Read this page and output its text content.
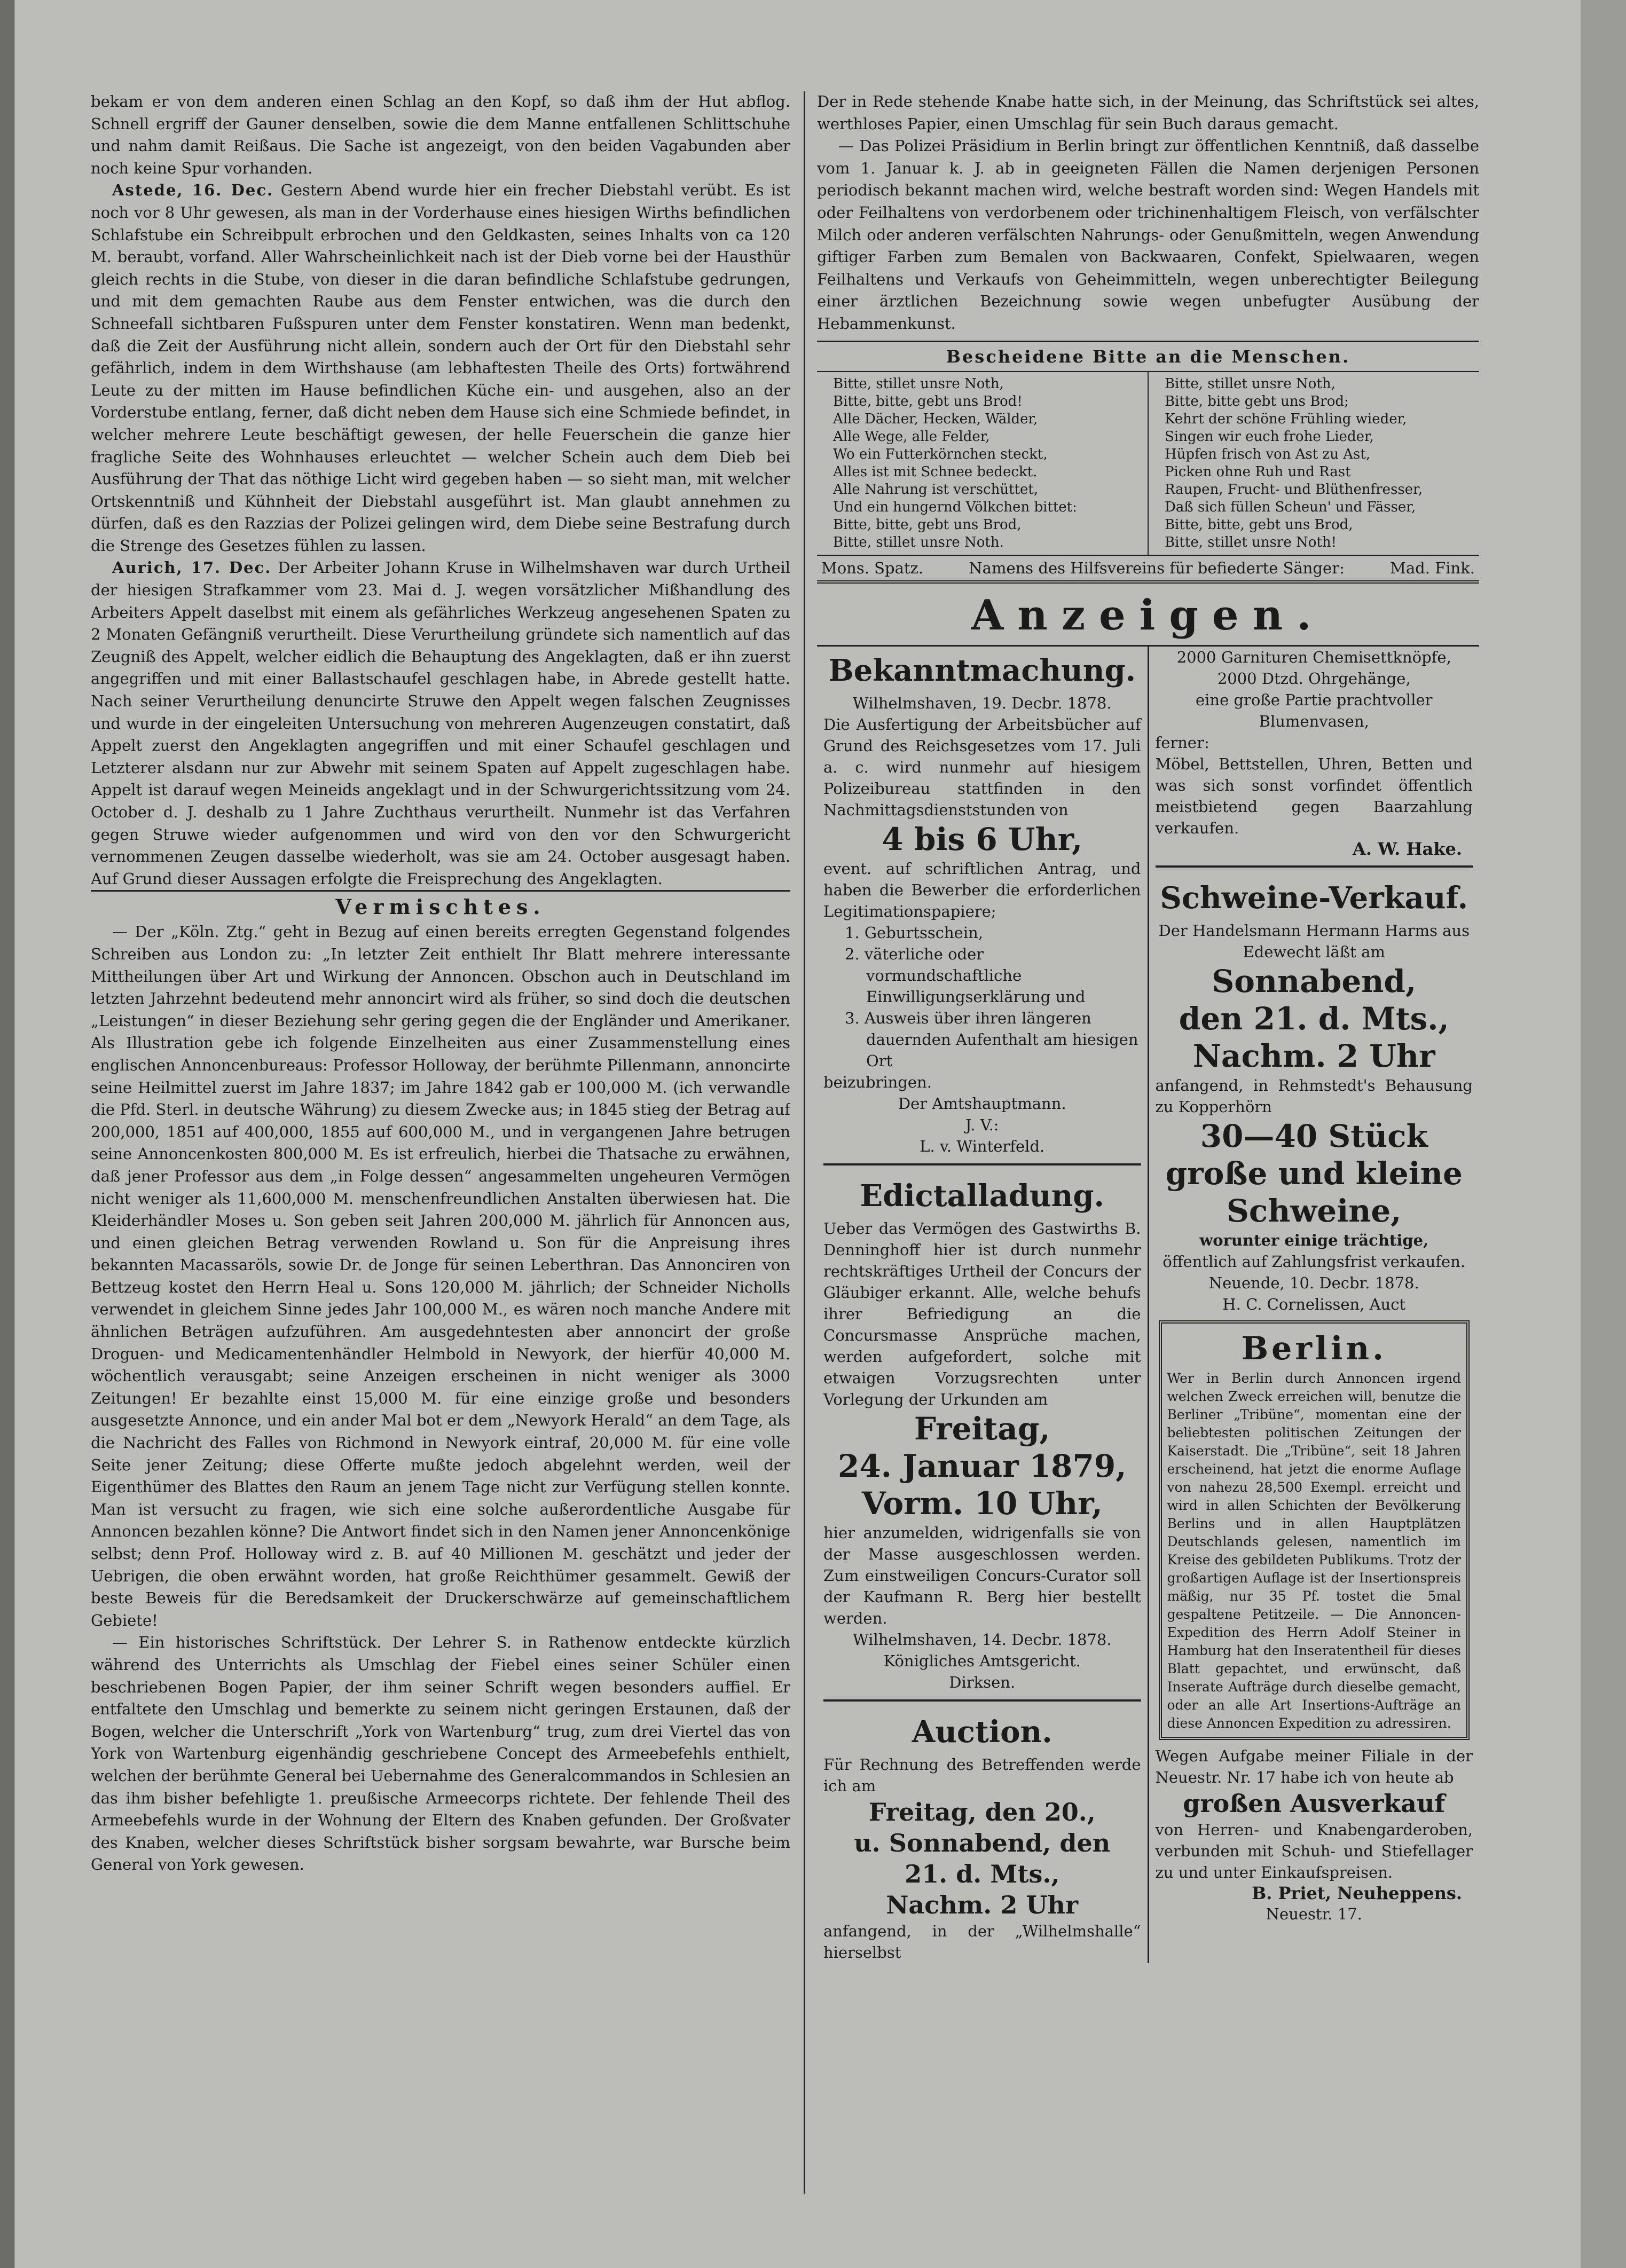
bekam er von dem anderen einen Schlag an den Kopf, so daß ihm der Hut abflog. Schnell ergriff der Gauner denselben, sowie die dem Manne entfallenen Schlittschuhe und nahm damit Reißaus. Die Sache ist angezeigt, von den beiden Vagabunden aber noch keine Spur vorhanden.

Astede, 16. Dec. Gestern Abend wurde hier ein frecher Diebstahl verübt. Es ist noch vor 8 Uhr gewesen, als man in der Vorderhause eines hiesigen Wirths befindlichen Schlafstube ein Schreibpult erbrochen und den Geldkasten, seines Inhalts von ca 120 M. beraubt, vorfand. Aller Wahrscheinlichkeit nach ist der Dieb vorne bei der Hausthür gleich rechts in die Stube, von dieser in die daran befindliche Schlafstube gedrungen, und mit dem gemachten Raube aus dem Fenster entwichen, was die durch den Schneefall sichtbaren Fußspuren unter dem Fenster konstatiren. Wenn man bedenkt, daß die Zeit der Ausführung nicht allein, sondern auch der Ort für den Diebstahl sehr gefährlich, indem in dem Wirthshause (am lebhaftesten Theile des Orts) fortwährend Leute zu der mitten im Hause befindlichen Küche ein- und ausgehen, also an der Vorderstube entlang, ferner, daß dicht neben dem Hause sich eine Schmiede befindet, in welcher mehrere Leute beschäftigt gewesen, der helle Feuerschein die ganze hier fragliche Seite des Wohnhauses erleuchtet — welcher Schein auch dem Dieb bei Ausführung der That das nöthige Licht wird gegeben haben — so sieht man, mit welcher Ortskenntniß und Kühnheit der Diebstahl ausgeführt ist. Man glaubt annehmen zu dürfen, daß es den Razzias der Polizei gelingen wird, dem Diebe seine Bestrafung durch die Strenge des Gesetzes fühlen zu lassen.

Aurich, 17. Dec. Der Arbeiter Johann Kruse in Wilhelmshaven war durch Urtheil der hiesigen Strafkammer vom 23. Mai d. J. wegen vorsätzlicher Mißhandlung des Arbeiters Appelt daselbst mit einem als gefährliches Werkzeug angesehenen Spaten zu 2 Monaten Gefängniß verurtheilt. Diese Verurtheilung gründete sich namentlich auf das Zeugniß des Appelt, welcher eidlich die Behauptung des Angeklagten, daß er ihn zuerst angegriffen und mit einer Ballastschaufel geschlagen habe, in Abrede gestellt hatte. Nach seiner Verurtheilung denuncirte Struwe den Appelt wegen falschen Zeugnisses und wurde in der eingeleiten Untersuchung von mehreren Augenzeugen constatirt, daß Appelt zuerst den Angeklagten angegriffen und mit einer Schaufel geschlagen und Letzterer alsdann nur zur Abwehr mit seinem Spaten auf Appelt zugeschlagen habe. Appelt ist darauf wegen Meineids angeklagt und in der Schwurgerichtssitzung vom 24. October d. J. deshalb zu 1 Jahre Zuchthaus verurtheilt. Nunmehr ist das Verfahren gegen Struwe wieder aufgenommen und wird von den vor den Schwurgericht vernommenen Zeugen dasselbe wiederholt, was sie am 24. October ausgesagt haben. Auf Grund dieser Aussagen erfolgte die Freisprechung des Angeklagten.

Vermischtes.

— Der „Köln. Ztg.“ geht in Bezug auf einen bereits erregten Gegenstand folgendes Schreiben aus London zu: „In letzter Zeit enthielt Ihr Blatt mehrere interessante Mittheilungen über Art und Wirkung der Annoncen. Obschon auch in Deutschland im letzten Jahrzehnt bedeutend mehr annoncirt wird als früher, so sind doch die deutschen „Leistungen“ in dieser Beziehung sehr gering gegen die der Engländer und Amerikaner. Als Illustration gebe ich folgende Einzelheiten aus einer Zusammenstellung eines englischen Annoncenbureaus: Professor Holloway, der berühmte Pillenmann, annoncirte seine Heilmittel zuerst im Jahre 1837; im Jahre 1842 gab er 100,000 M. (ich verwandle die Pfd. Sterl. in deutsche Währung) zu diesem Zwecke aus; in 1845 stieg der Betrag auf 200,000, 1851 auf 400,000, 1855 auf 600,000 M., und in vergangenen Jahre betrugen seine Annoncenkosten 800,000 M. Es ist erfreulich, hierbei die Thatsache zu erwähnen, daß jener Professor aus dem „in Folge dessen“ angesammelten ungeheuren Vermögen nicht weniger als 11,600,000 M. menschenfreundlichen Anstalten überwiesen hat. Die Kleiderhändler Moses u. Son geben seit Jahren 200,000 M. jährlich für Annoncen aus, und einen gleichen Betrag verwenden Rowland u. Son für die Anpreisung ihres bekannten Macassaröls, sowie Dr. de Jonge für seinen Leberthran. Das Annonciren von Bettzeug kostet den Herrn Heal u. Sons 120,000 M. jährlich; der Schneider Nicholls verwendet in gleichem Sinne jedes Jahr 100,000 M., es wären noch manche Andere mit ähnlichen Beträgen aufzuführen. Am ausgedehntesten aber annoncirt der große Droguen- und Medicamentenhändler Helmbold in Newyork, der hierfür 40,000 M. wöchentlich verausgabt; seine Anzeigen erscheinen in nicht weniger als 3000 Zeitungen! Er bezahlte einst 15,000 M. für eine einzige große und besonders ausgesetzte Annonce, und ein ander Mal bot er dem „Newyork Herald“ an dem Tage, als die Nachricht des Falles von Richmond in Newyork eintraf, 20,000 M. für eine volle Seite jener Zeitung; diese Offerte mußte jedoch abgelehnt werden, weil der Eigenthümer des Blattes den Raum an jenem Tage nicht zur Verfügung stellen konnte. Man ist versucht zu fragen, wie sich eine solche außerordentliche Ausgabe für Annoncen bezahlen könne? Die Antwort findet sich in den Namen jener Annoncenkönige selbst; denn Prof. Holloway wird z. B. auf 40 Millionen M. geschätzt und jeder der Uebrigen, die oben erwähnt worden, hat große Reichthümer gesammelt. Gewiß der beste Beweis für die Beredsamkeit der Druckerschwärze auf gemeinschaftlichem Gebiete!

— Ein historisches Schriftstück. Der Lehrer S. in Rathenow entdeckte kürzlich während des Unterrichts als Umschlag der Fiebel eines seiner Schüler einen beschriebenen Bogen Papier, der ihm seiner Schrift wegen besonders auffiel. Er entfaltete den Umschlag und bemerkte zu seinem nicht geringen Erstaunen, daß der Bogen, welcher die Unterschrift „York von Wartenburg“ trug, zum drei Viertel das von York von Wartenburg eigenhändig geschriebene Concept des Armeebefehls enthielt, welchen der berühmte General bei Uebernahme des Generalcommandos in Schlesien an das ihm bisher befehligte 1. preußische Armeecorps richtete. Der fehlende Theil des Armeebefehls wurde in der Wohnung der Eltern des Knaben gefunden. Der Großvater des Knaben, welcher dieses Schriftstück bisher sorgsam bewahrte, war Bursche beim General von York gewesen.

Der in Rede stehende Knabe hatte sich, in der Meinung, das Schriftstück sei altes, werthloses Papier, einen Umschlag für sein Buch daraus gemacht.

— Das Polizei Präsidium in Berlin bringt zur öffentlichen Kenntniß, daß dasselbe vom 1. Januar k. J. ab in geeigneten Fällen die Namen derjenigen Personen periodisch bekannt machen wird, welche bestraft worden sind: Wegen Handels mit oder Feilhaltens von verdorbenem oder trichinenhaltigem Fleisch, von verfälschter Milch oder anderen verfälschten Nahrungs- oder Genußmitteln, wegen Anwendung giftiger Farben zum Bemalen von Backwaaren, Confekt, Spielwaaren, wegen Feilhaltens und Verkaufs von Geheimmitteln, wegen unberechtigter Beilegung einer ärztlichen Bezeichnung sowie wegen unbefugter Ausübung der Hebammenkunst.

Bescheidene Bitte an die Menschen.
Bitte, stillet unsre Noth,
Bitte, bitte, gebt uns Brod!
Alle Dächer, Hecken, Wälder,
Alle Wege, alle Felder,
Wo ein Futterkörnchen steckt,
Alles ist mit Schnee bedeckt.
Alle Nahrung ist verschüttet,
Und ein hungernd Völkchen bittet:
Bitte, bitte, gebt uns Brod,
Bitte, stillet unsre Noth.
Bitte, stillet unsre Noth,
Bitte, bitte gebt uns Brod;
Kehrt der schöne Frühling wieder,
Singen wir euch frohe Lieder,
Hüpfen frisch von Ast zu Ast,
Picken ohne Ruh und Rast
Raupen, Frucht- und Blüthenfresser,
Daß sich füllen Scheun' und Fässer,
Bitte, bitte, gebt uns Brod,
Bitte, stillet unsre Noth!
Mons. Spatz.	Namens des Hilfsvereins für befiederte Sänger:	Mad. Fink.
Anzeigen.
Bekanntmachung.
Wilhelmshaven, 19. Decbr. 1878.
Die Ausfertigung der Arbeitsbücher auf Grund des Reichsgesetzes vom 17. Juli a. c. wird nunmehr auf hiesigem Polizeibureau stattfinden in den Nachmittagsdienststunden von
4 bis 6 Uhr,
event. auf schriftlichen Antrag, und haben die Bewerber die erforderlichen Legitimationspapiere;
1. Geburtsschein,
2. väterliche oder vormundschaftliche Einwilligungserklärung und
3. Ausweis über ihren längeren dauernden Aufenthalt am hiesigen Ort
beizubringen.
Der Amtshauptmann.
J. V.:
L. v. Winterfeld.
Edictalladung.
Ueber das Vermögen des Gastwirths B. Denninghoff hier ist durch nunmehr rechtskräftiges Urtheil der Concurs der Gläubiger erkannt. Alle, welche behufs ihrer Befriedigung an die Concursmasse Ansprüche machen, werden aufgefordert, solche mit etwaigen Vorzugsrechten unter Vorlegung der Urkunden am
Freitag,
24. Januar 1879,
Vorm. 10 Uhr,
hier anzumelden, widrigenfalls sie von der Masse ausgeschlossen werden. Zum einstweiligen Concurs-Curator soll der Kaufmann R. Berg hier bestellt werden.
Wilhelmshaven, 14. Decbr. 1878.
Königliches Amtsgericht.
Dirksen.
Auction.
Für Rechnung des Betreffenden werde ich am
Freitag, den 20.,
u. Sonnabend, den
21. d. Mts.,
Nachm. 2 Uhr
anfangend, in der „Wilhelmshalle“ hierselbst
2000 Garnituren Chemisettknöpfe,
2000 Dtzd. Ohrgehänge,
eine große Partie prachtvoller Blumenvasen,
ferner:
Möbel, Bettstellen, Uhren, Betten und was sich sonst vorfindet öffentlich meistbietend gegen Baarzahlung verkaufen.
A. W. Hake.
Schweine-Verkauf.
Der Handelsmann Hermann Harms aus Edewecht läßt am
Sonnabend,
den 21. d. Mts.,
Nachm. 2 Uhr
anfangend, in Rehmstedt's Behausung zu Kopperhörn
30—40 Stück
große und kleine
Schweine,
worunter einige trächtige,
öffentlich auf Zahlungsfrist verkaufen.
Neuende, 10. Decbr. 1878.
H. C. Cornelissen, Auct
Berlin.
Wer in Berlin durch Annoncen irgend welchen Zweck erreichen will, benutze die Berliner „Tribüne“, momentan eine der beliebtesten politischen Zeitungen der Kaiserstadt. Die „Tribüne“, seit 18 Jahren erscheinend, hat jetzt die enorme Auflage von nahezu 28,500 Exempl. erreicht und wird in allen Schichten der Bevölkerung Berlins und in allen Hauptplätzen Deutschlands gelesen, namentlich im Kreise des gebildeten Publikums. Trotz der großartigen Auflage ist der Insertionspreis mäßig, nur 35 Pf. tostet die 5mal gespaltene Petitzeile. — Die Annoncen-Expedition des Herrn Adolf Steiner in Hamburg hat den Inseratentheil für dieses Blatt gepachtet, und erwünscht, daß Inserate Aufträge durch dieselbe gemacht, oder an alle Art Insertions-Aufträge an diese Annoncen Expedition zu adressiren.
Wegen Aufgabe meiner Filiale in der Neuestr. Nr. 17 habe ich von heute ab
großen Ausverkauf
von Herren- und Knabengarderoben, verbunden mit Schuh- und Stiefellager zu und unter Einkaufspreisen.
B. Priet, Neuheppens.
Neuestr. 17.
